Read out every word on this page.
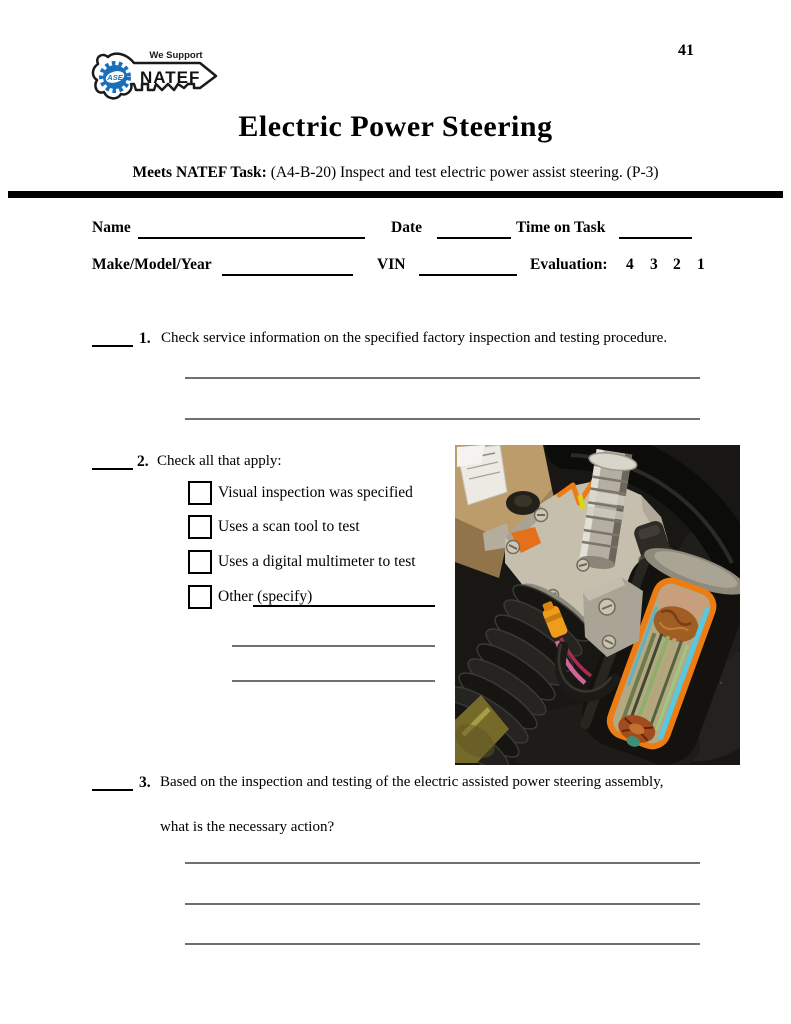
ASE
We Support
NATEF
41
Electric Power Steering
Meets NATEF Task: (A4-B-20) Inspect and test electric power assist steering. (P-3)
Name	Date	Time on Task
Make/Model/Year	VIN	Evaluation: 4 3 2 1
1. Check service information on the specified factory inspection and testing procedure.
2. Check all that apply:
Visual inspection was specified
Uses a scan tool to test
Uses a digital multimeter to test
Other (specify)
3. Based on the inspection and testing of the electric assisted power steering assembly,
what is the necessary action?
